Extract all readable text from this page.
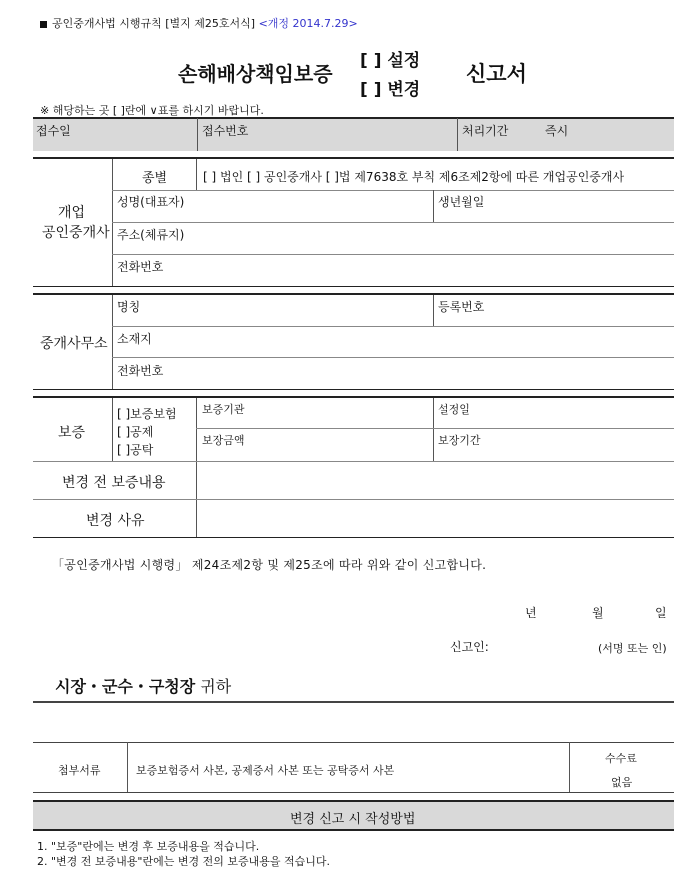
공인중개사법 시행규칙 [별지 제25호서식] <개정 2014.7.29>
손해배상책임보증
[ ] 설정
[ ] 변경
신고서
※ 해당하는 곳 [ ]란에 ∨표를 하시기 바랍니다.
접수일	접수번호	처리기간	즉시
개업
공인중개사
종별	[ ] 법인 [ ] 공인중개사 [ ]법 제7638호 부칙 제6조제2항에 따른 개업공인중개사
성명(대표자)	생년월일
주소(체류지)
전화번호
중개사무소
명칭	등록번호
소재지
전화번호
보증
[ ]보증보험
[ ]공제
[ ]공탁
보증기관	설정일
보장금액	보장기간
변경 전 보증내용
변경 사유
「공인중개사법 시행령」 제24조제2항 및 제25조에 따라 위와 같이 신고합니다.
년	월	일
신고인:	(서명 또는 인)
시장・군수・구청장 귀하
첨부서류	보증보험증서 사본, 공제증서 사본 또는 공탁증서 사본
수수료
없음
변경 신고 시 작성방법
1. "보증"란에는 변경 후 보증내용을 적습니다.
2. "변경 전 보증내용"란에는 변경 전의 보증내용을 적습니다.
